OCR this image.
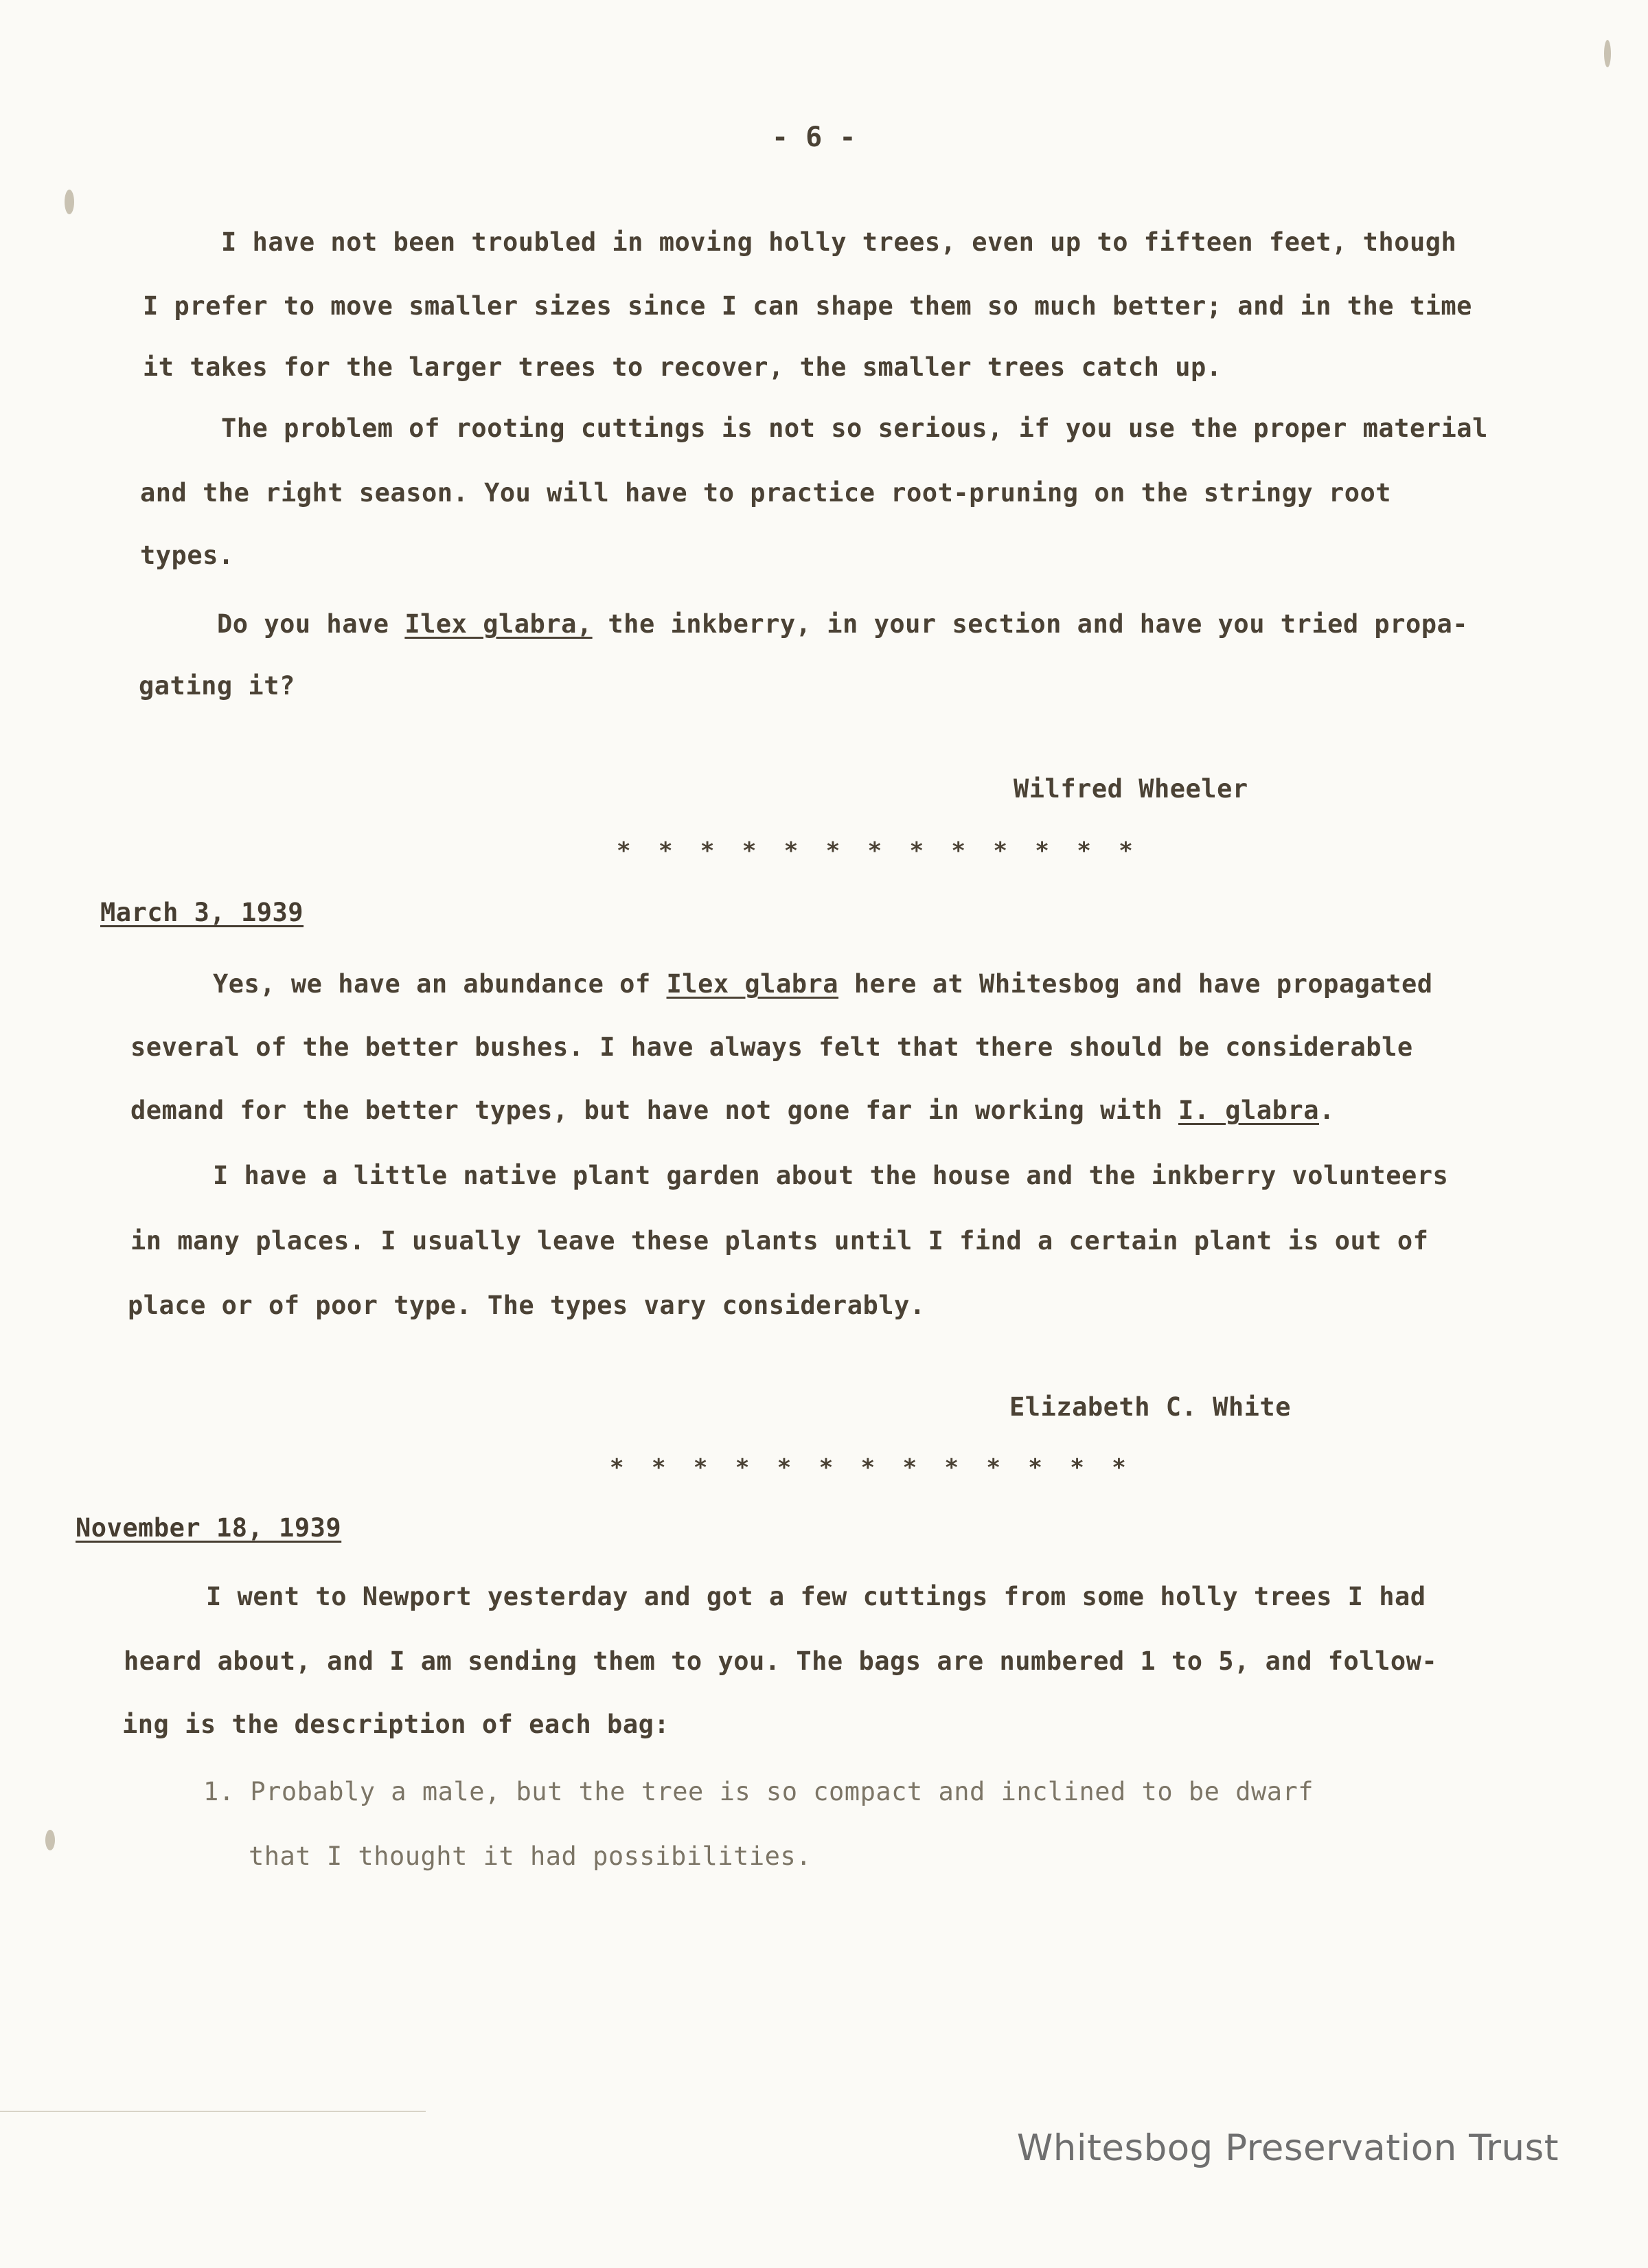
- 6 -
I have not been troubled in moving holly trees, even up to fifteen feet, though
I prefer to move smaller sizes since I can shape them so much better; and in the time
it takes for the larger trees to recover, the smaller trees catch up.
The problem of rooting cuttings is not so serious, if you use the proper material
and the right season. You will have to practice root-pruning on the stringy root
types.
Do you have Ilex glabra, the inkberry, in your section and have you tried propa-
gating it?
Wilfred Wheeler
* * * * * * * * * * * * *
March 3, 1939
Yes, we have an abundance of Ilex glabra here at Whitesbog and have propagated
several of the better bushes. I have always felt that there should be considerable
demand for the better types, but have not gone far in working with I. glabra.
I have a little native plant garden about the house and the inkberry volunteers
in many places. I usually leave these plants until I find a certain plant is out of
place or of poor type. The types vary considerably.
Elizabeth C. White
* * * * * * * * * * * * *
November 18, 1939
I went to Newport yesterday and got a few cuttings from some holly trees I had
heard about, and I am sending them to you. The bags are numbered 1 to 5, and follow-
ing is the description of each bag:
1. Probably a male, but the tree is so compact and inclined to be dwarf
that I thought it had possibilities.
Whitesbog Preservation Trust
